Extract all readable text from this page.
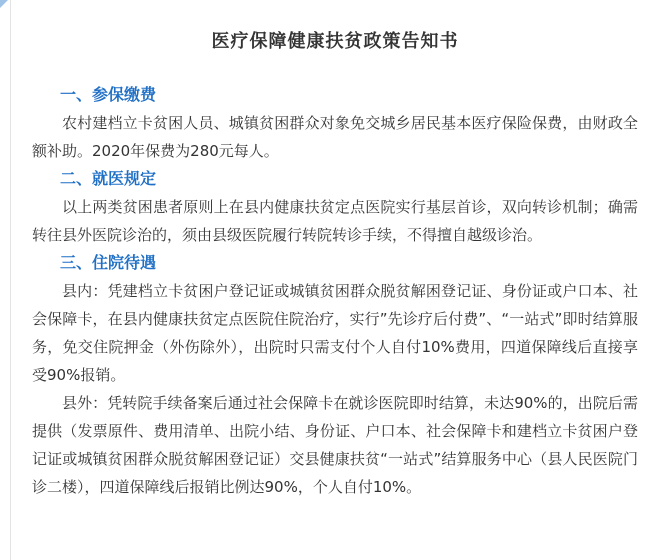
医疗保障健康扶贫政策告知书
一、参保缴费

农村建档立卡贫困人员、城镇贫困群众对象免交城乡居民基本医疗保险保费，由财政全额补助。2020年保费为280元每人。

二、就医规定

以上两类贫困患者原则上在县内健康扶贫定点医院实行基层首诊，双向转诊机制；确需转往县外医院诊治的，须由县级医院履行转院转诊手续，不得擅自越级诊治。

三、住院待遇

县内：凭建档立卡贫困户登记证或城镇贫困群众脱贫解困登记证、身份证或户口本、社会保障卡，在县内健康扶贫定点医院住院治疗，实行”先诊疗后付费”、“一站式”即时结算服务，免交住院押金（外伤除外），出院时只需支付个人自付10%费用，四道保障线后直接享受90%报销。

县外：凭转院手续备案后通过社会保障卡在就诊医院即时结算，未达90%的，出院后需提供（发票原件、费用清单、出院小结、身份证、户口本、社会保障卡和建档立卡贫困户登记证或城镇贫困群众脱贫解困登记证）交县健康扶贫“一站式”结算服务中心（县人民医院门诊二楼），四道保障线后报销比例达90%，个人自付10%。
